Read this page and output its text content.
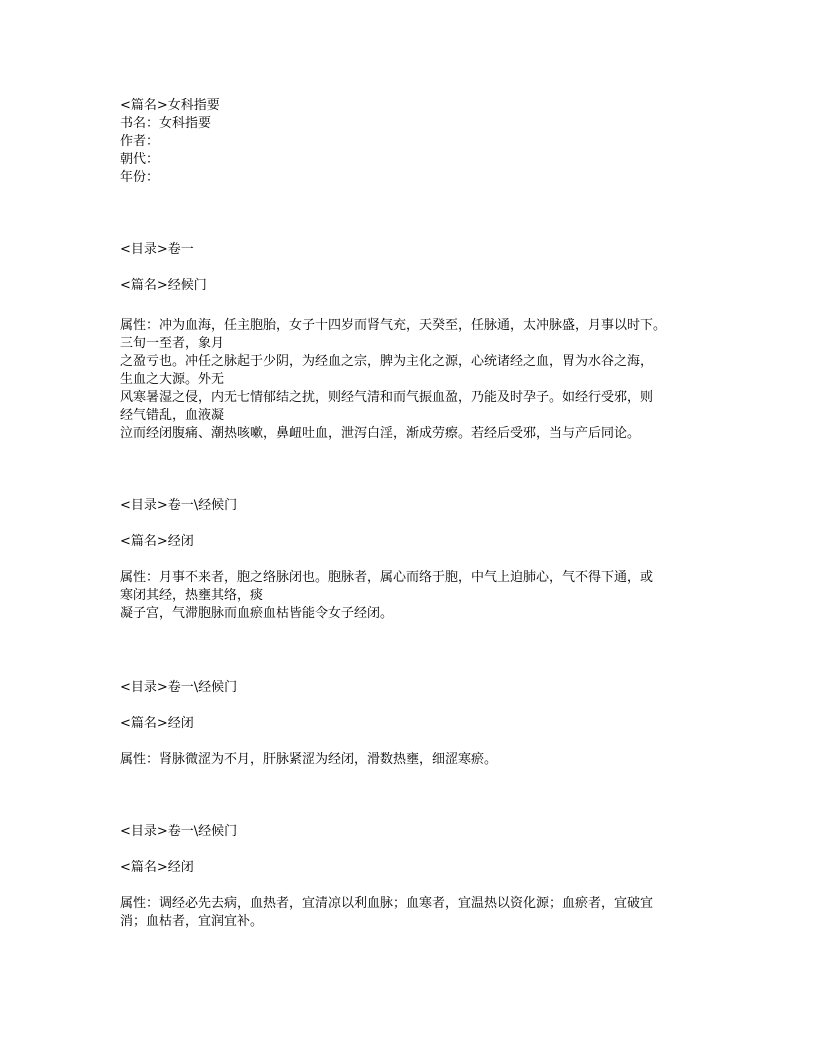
<篇名>女科指要
书名：女科指要
作者：
朝代：
年份：
<目录>卷一
<篇名>经候门
属性：冲为血海，任主胞胎，女子十四岁而肾气充，天癸至，任脉通，太冲脉盛，月事以时下。
三旬一至者，象月
之盈亏也。冲任之脉起于少阴，为经血之宗，脾为主化之源，心统诸经之血，胃为水谷之海，
生血之大源。外无
风寒暑湿之侵，内无七情郁结之扰，则经气清和而气振血盈，乃能及时孕子。如经行受邪，则
经气错乱，血液凝
泣而经闭腹痛、潮热咳嗽，鼻衄吐血，泄泻白淫，渐成劳瘵。若经后受邪，当与产后同论。
<目录>卷一\经候门
<篇名>经闭
属性：月事不来者，胞之络脉闭也。胞脉者，属心而络于胞，中气上迫肺心，气不得下通，或
寒闭其经，热壅其络，痰
凝子宫，气滞胞脉而血瘀血枯皆能令女子经闭。
<目录>卷一\经候门
<篇名>经闭
属性：肾脉微涩为不月，肝脉紧涩为经闭，滑数热壅，细涩寒瘀。
<目录>卷一\经候门
<篇名>经闭
属性：调经必先去病，血热者，宜清凉以利血脉；血寒者，宜温热以资化源；血瘀者，宜破宜
消；血枯者，宜润宜补。
